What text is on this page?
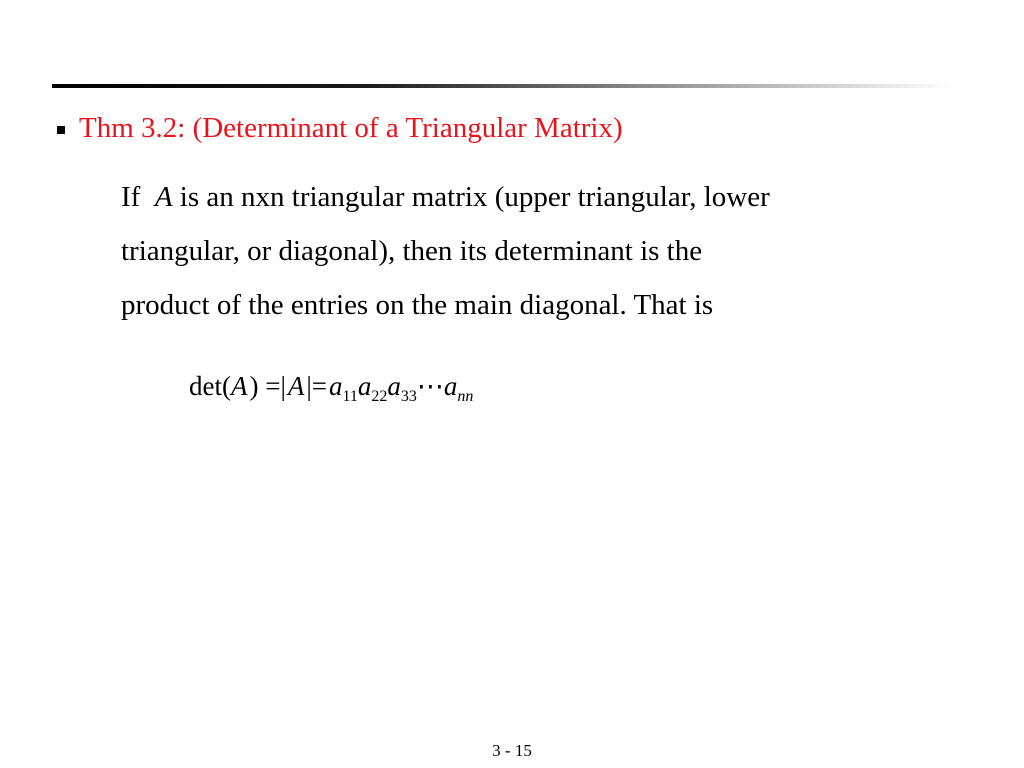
Thm 3.2: (Determinant of a Triangular Matrix)
If A is an nxn triangular matrix (upper triangular, lower
triangular, or diagonal), then its determinant is the
product of the entries on the main diagonal. That is
$\det(A) =|A|=a_{11}a_{22}a_{33}\cdots a_{nn}$
3 - 15
